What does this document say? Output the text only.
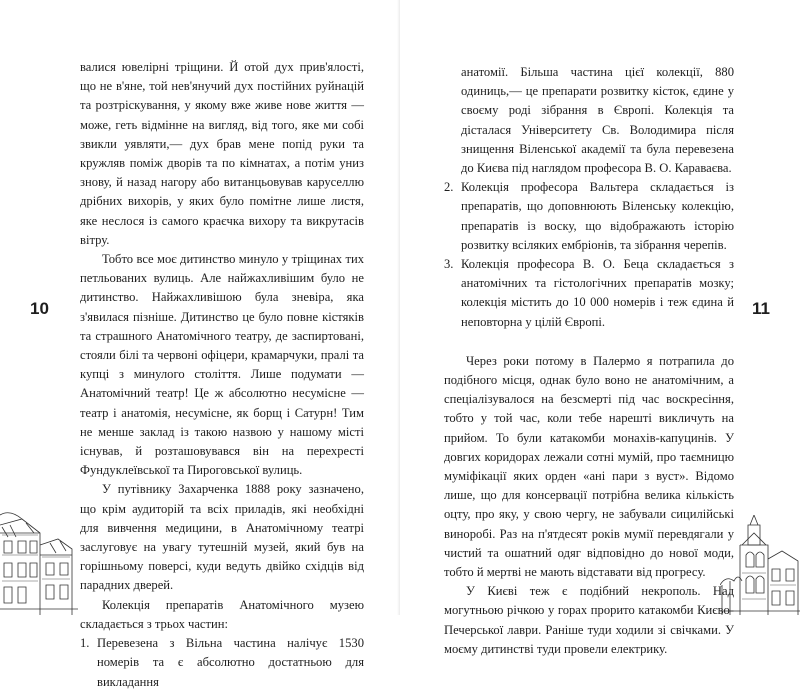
валися ювелірні тріщини. Й отой дух прив'ялості, що не в'яне, той нев'янучий дух постійних руйнацій та розтріскування, у якому вже живе нове життя — може, геть відмінне на вигляд, від того, яке ми собі звикли уявляти,— дух брав мене попід руки та кружляв поміж дворів та по кімнатах, а потім униз знову, й назад нагору або витанцьовував каруселлю дрібних вихорів, у яких було помітне лише листя, яке неслося із самого краєчка вихору та викрутасів вітру.

Тобто все моє дитинство минуло у тріщинах тих петльованих вулиць. Але найжахливішим було не дитинство. Найжахливішою була зневіра, яка з'явилася пізніше. Дитинство це було повне кістяків та страшного Анатомічного театру, де заспиртовані, стояли білі та червоні офіцери, крамарчуки, пралі та купці з минулого століття. Лише подумати — Анатомічний театр! Це ж абсолютно несумісне — театр і анатомія, несумісне, як борщ і Сатурн! Тим не менше заклад із такою назвою у нашому місті існував, й розташовувався він на перехресті Фундуклеївської та Пироговської вулиць.

У путівнику Захарченка 1888 року зазначено, що крім аудиторій та всіх приладів, які необхідні для вивчення медицини, в Анатомічному театрі заслуговує на увагу тутешній музей, який був на горішньому поверсі, куди ведуть двійко східців від парадних дверей.

Колекція препаратів Анатомічного музею складається з трьох частин:

1. Перевезена з Вільна частина налічує 1530 номерів та є абсолютно достатньою для викладання
10
анатомії. Більша частина цієї колекції, 880 одиниць,— це препарати розвитку кісток, єдине у своєму роді зібрання в Європі. Колекція та дісталася Університету Св. Володимира після знищення Віленської академії та була перевезена до Києва під наглядом професора В. О. Караваєва.
2. Колекція професора Вальтера складається із препаратів, що доповнюють Віленську колекцію, препаратів із воску, що відображають історію розвитку всіляких ембріонів, та зібрання черепів.
3. Колекція професора В. О. Беца складається з анатомічних та гістологічних препаратів мозку; колекція містить до 10 000 номерів і теж єдина й неповторна у цілій Європі.

Через роки потому в Палермо я потрапила до подібного місця, однак було воно не анатомічним, а спеціалізувалося на безсмерті під час воскресіння, тобто у той час, коли тебе нарешті викличуть на прийом. То були катакомби монахів-капуцинів. У довгих коридорах лежали сотні мумій, про таємницю муміфікації яких орден «ані пари з вуст». Відомо лише, що для консервації потрібна велика кількість оцту, про яку, у свою чергу, не забували сицилійські виноробі. Раз на п'ятдесят років мумії перевдягали у чистий та ошатний одяг відповідно до нової моди, тобто й мертві не мають відставати від прогресу.

У Києві теж є подібний некрополь. Над могутньою річкою у горах прорито катакомби Києво-Печерської лаври. Раніше туди ходили зі свічками. У моєму дитинстві туди провели електрику.

11
